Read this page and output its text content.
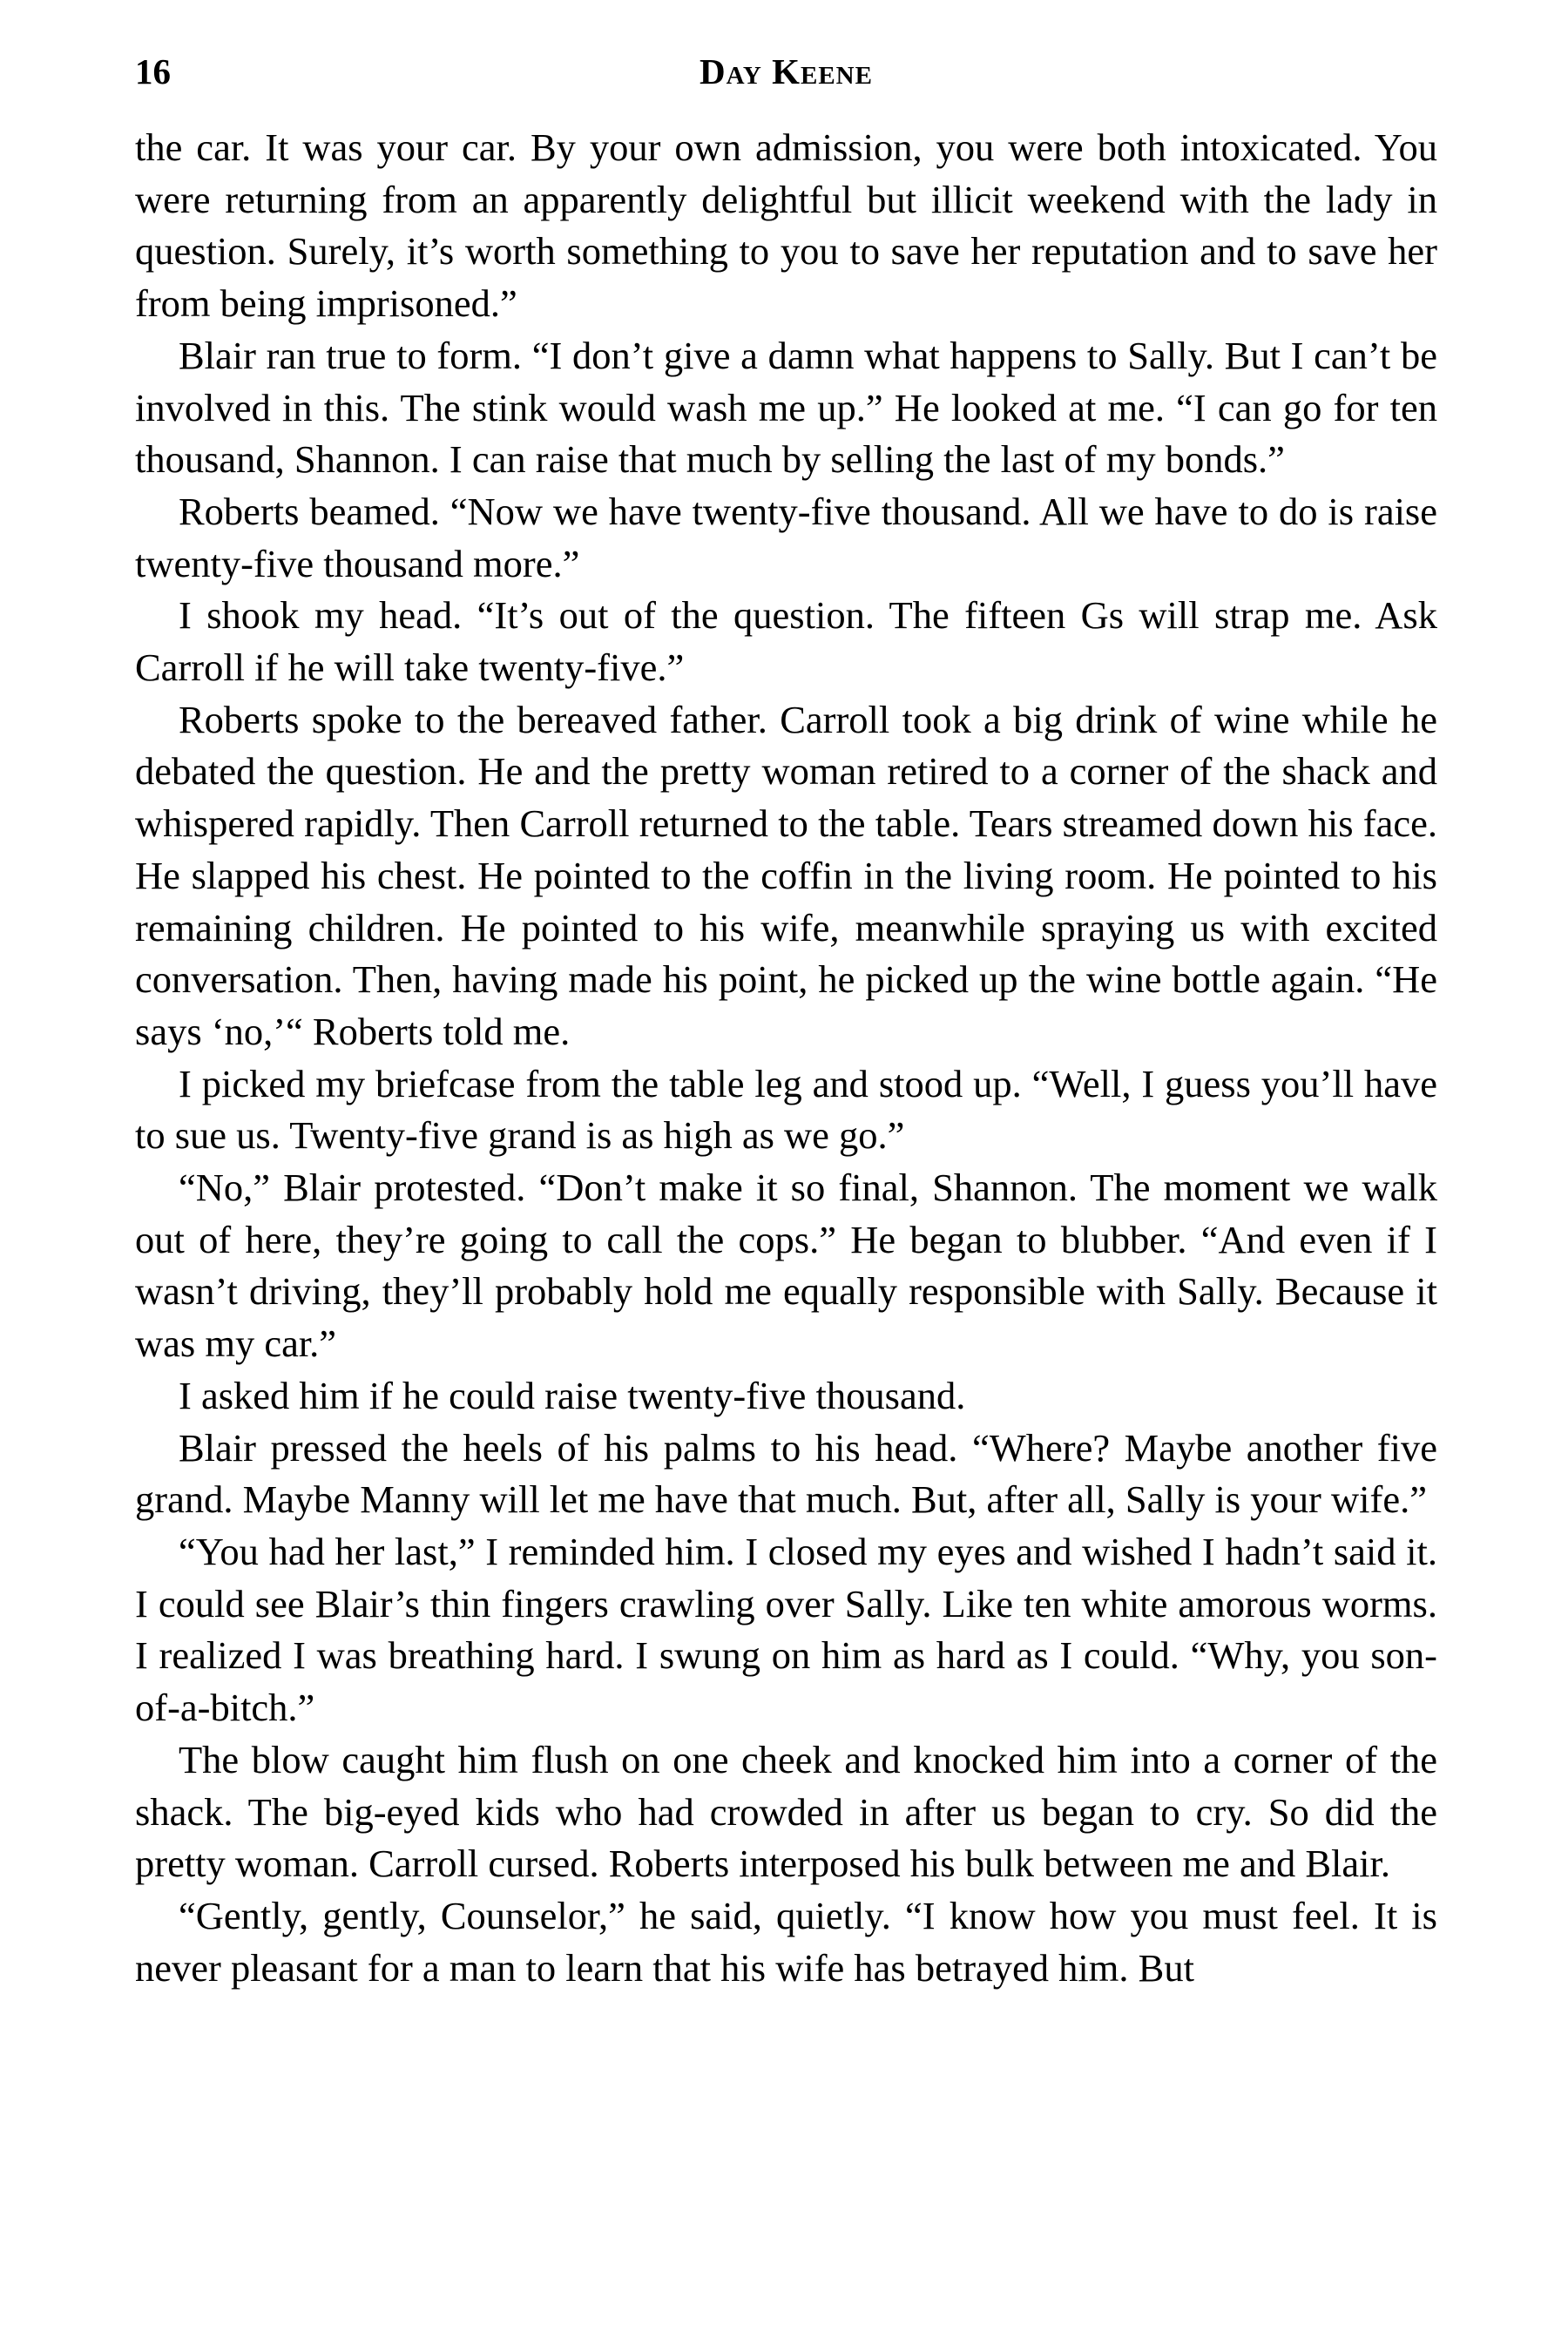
16	Day Keene

the car. It was your car. By your own admission, you were both intoxicated. You were returning from an apparently delightful but illicit weekend with the lady in question. Surely, it’s worth something to you to save her reputation and to save her from being imprisoned.”

Blair ran true to form. “I don’t give a damn what happens to Sally. But I can’t be involved in this. The stink would wash me up.” He looked at me. “I can go for ten thousand, Shannon. I can raise that much by selling the last of my bonds.”

Roberts beamed. “Now we have twenty-five thousand. All we have to do is raise twenty-five thousand more.”

I shook my head. “It’s out of the question. The fifteen Gs will strap me. Ask Carroll if he will take twenty-five.”

Roberts spoke to the bereaved father. Carroll took a big drink of wine while he debated the question. He and the pretty woman retired to a corner of the shack and whispered rapidly. Then Carroll returned to the table. Tears streamed down his face. He slapped his chest. He pointed to the coffin in the living room. He pointed to his remaining children. He pointed to his wife, meanwhile spraying us with excited conversation. Then, having made his point, he picked up the wine bottle again. “He says ‘no,’“ Roberts told me.

I picked my briefcase from the table leg and stood up. “Well, I guess you’ll have to sue us. Twenty-five grand is as high as we go.”

“No,” Blair protested. “Don’t make it so final, Shannon. The moment we walk out of here, they’re going to call the cops.” He began to blubber. “And even if I wasn’t driving, they’ll probably hold me equally responsible with Sally. Because it was my car.”

I asked him if he could raise twenty-five thousand.

Blair pressed the heels of his palms to his head. “Where? Maybe another five grand. Maybe Manny will let me have that much. But, after all, Sally is your wife.”

“You had her last,” I reminded him. I closed my eyes and wished I hadn’t said it. I could see Blair’s thin fingers crawling over Sally. Like ten white amorous worms. I realized I was breathing hard. I swung on him as hard as I could. “Why, you son-of-a-bitch.”

The blow caught him flush on one cheek and knocked him into a corner of the shack. The big-eyed kids who had crowded in after us began to cry. So did the pretty woman. Carroll cursed. Roberts interposed his bulk between me and Blair.

“Gently, gently, Counselor,” he said, quietly. “I know how you must feel. It is never pleasant for a man to learn that his wife has betrayed him. But
